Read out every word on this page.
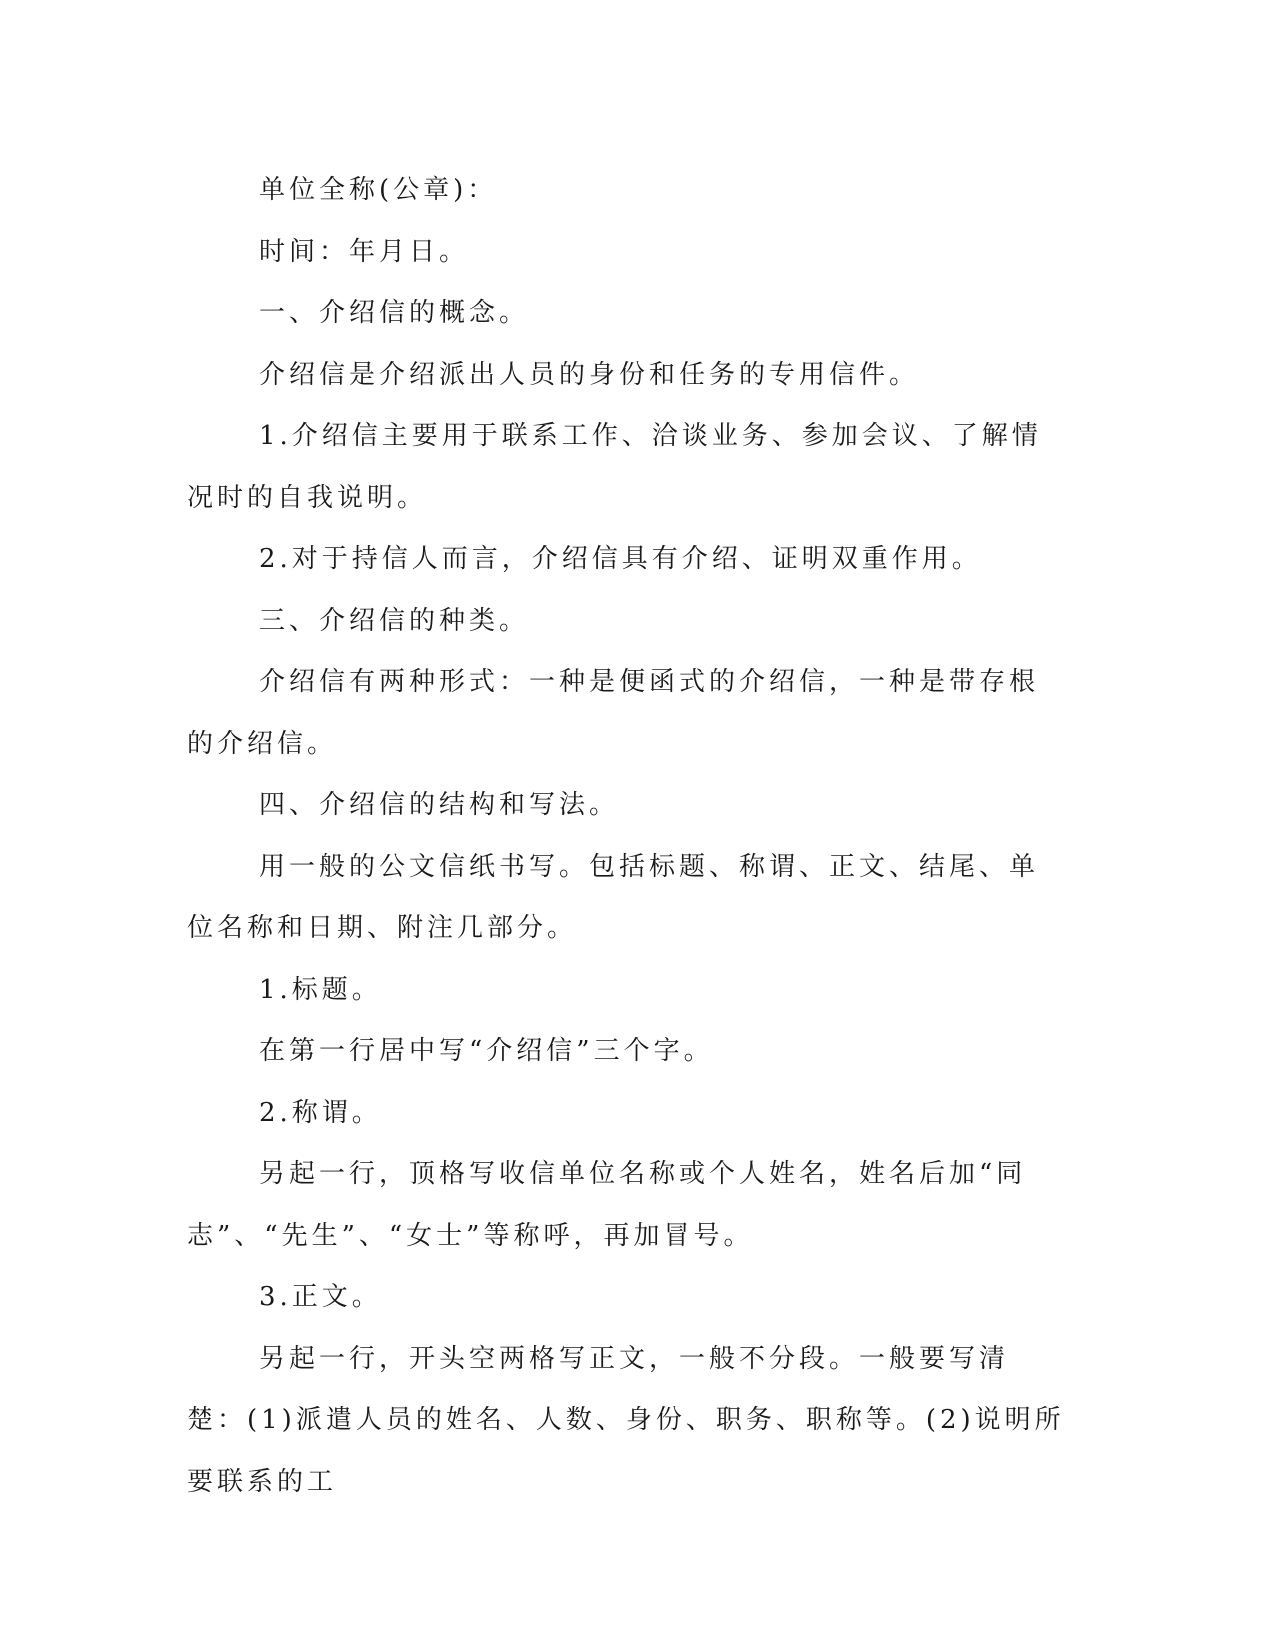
单位全称(公章)：

时间：年月日。

一、介绍信的概念。

介绍信是介绍派出人员的身份和任务的专用信件。

1.介绍信主要用于联系工作、洽谈业务、参加会议、了解情况时的自我说明。

2.对于持信人而言，介绍信具有介绍、证明双重作用。

三、介绍信的种类。

介绍信有两种形式：一种是便函式的介绍信，一种是带存根的介绍信。

四、介绍信的结构和写法。

用一般的公文信纸书写。包括标题、称谓、正文、结尾、单位名称和日期、附注几部分。

1.标题。

在第一行居中写“介绍信”三个字。

2.称谓。

另起一行，顶格写收信单位名称或个人姓名，姓名后加“同志”、“先生”、“女士”等称呼，再加冒号。

3.正文。

另起一行，开头空两格写正文，一般不分段。一般要写清楚：(1)派遣人员的姓名、人数、身份、职务、职称等。(2)说明所要联系的工
